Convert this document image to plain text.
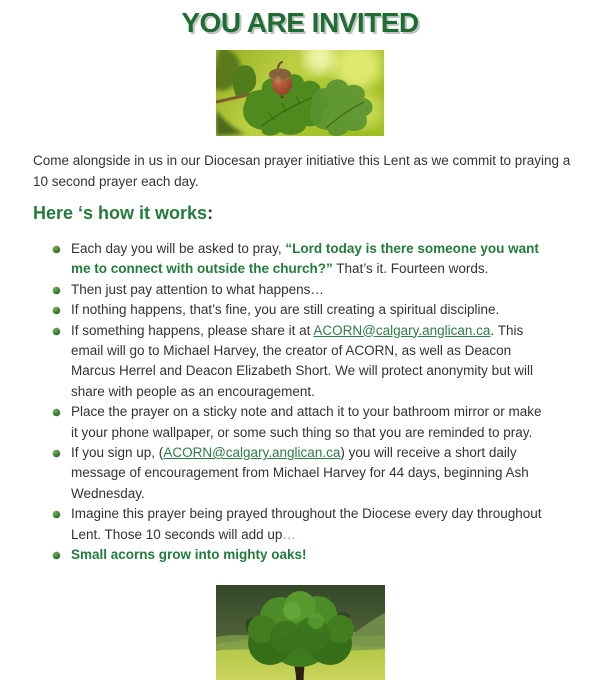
YOU ARE INVITED

Come alongside in us in our Diocesan prayer initiative this Lent as we commit to praying a 10 second prayer each day.

Here ‘s how it works:
Each day you will be asked to pray, “Lord today is there someone you want me to connect with outside the church?” That’s it. Fourteen words.
Then just pay attention to what happens…
If nothing happens, that’s fine, you are still creating a spiritual discipline.
If something happens, please share it at ACORN@calgary.anglican.ca. This email will go to Michael Harvey, the creator of ACORN, as well as Deacon Marcus Herrel and Deacon Elizabeth Short. We will protect anonymity but will share with people as an encouragement.
Place the prayer on a sticky note and attach it to your bathroom mirror or make it your phone wallpaper, or some such thing so that you are reminded to pray.
If you sign up, (ACORN@calgary.anglican.ca) you will receive a short daily message of encouragement from Michael Harvey for 44 days, beginning Ash Wednesday.
Imagine this prayer being prayed throughout the Diocese every day throughout Lent. Those 10 seconds will add up…
Small acorns grow into mighty oaks!
